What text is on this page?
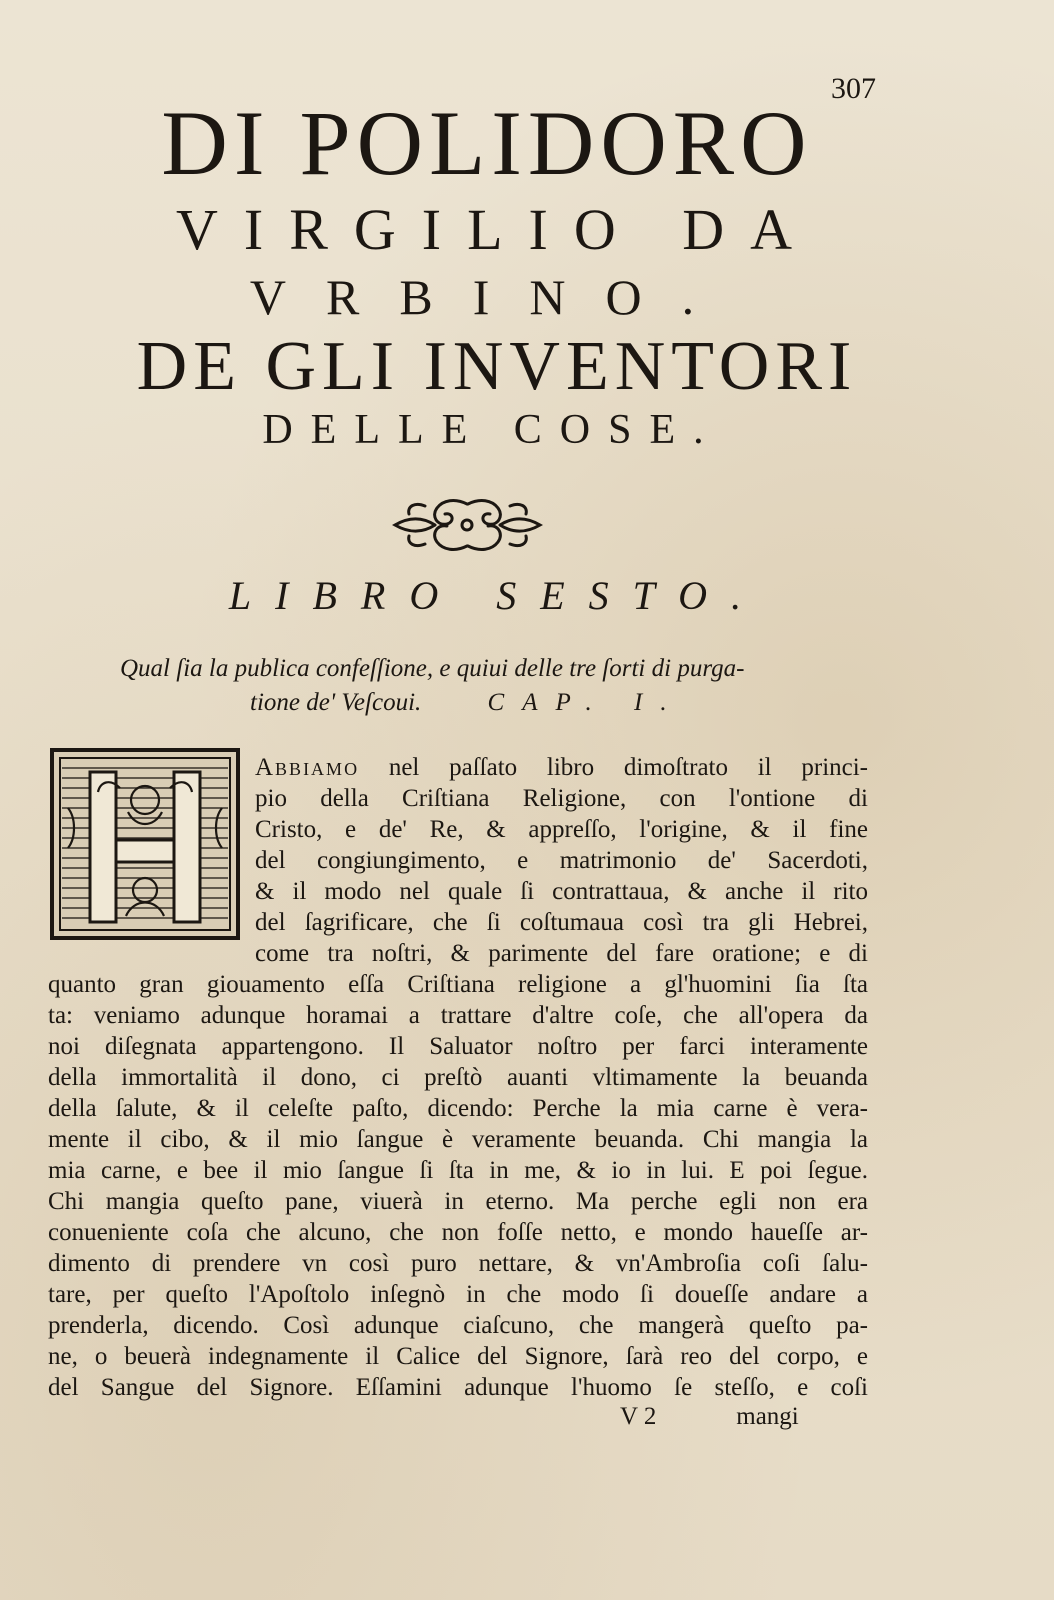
307
DI POLIDORO
VIRGILIO DA
VRBINO.
DE GLI INVENTORI
DELLE COSE.
LIBRO SESTO.
Qual ſia la publica confeſſione, e quiui delle tre ſorti di purga-
tione de' Veſcoui.	CAP. I.
Abbiamo nel paſſato libro dimoſtrato il princi-
pio della Criſtiana Religione, con l'ontione di
Cristo, e de' Re, & appreſſo, l'origine, & il fine
del congiungimento, e matrimonio de' Sacerdoti,
& il modo nel quale ſi contrattaua, & anche il rito
del ſagrificare, che ſi coſtumaua così tra gli Hebrei,
come tra noſtri, & parimente del fare oratione; e di
quanto gran giouamento eſſa Criſtiana religione a gl'huomini ſia ſta
ta: veniamo adunque horamai a trattare d'altre coſe, che all'opera da
noi diſegnata appartengono. Il Saluator noſtro per farci interamente
della immortalità il dono, ci preſtò auanti vltimamente la beuanda
della ſalute, & il celeſte paſto, dicendo: Perche la mia carne è vera-
mente il cibo, & il mio ſangue è veramente beuanda. Chi mangia la
mia carne, e bee il mio ſangue ſi ſta in me, & io in lui. E poi ſegue.
Chi mangia queſto pane, viuerà in eterno. Ma perche egli non era
conueniente coſa che alcuno, che non foſſe netto, e mondo haueſſe ar-
dimento di prendere vn così puro nettare, & vn'Ambroſia coſi ſalu-
tare, per queſto l'Apoſtolo inſegnò in che modo ſi doueſſe andare a
prenderla, dicendo. Così adunque ciaſcuno, che mangerà queſto pa-
ne, o beuerà indegnamente il Calice del Signore, ſarà reo del corpo, e
del Sangue del Signore. Eſſamini adunque l'huomo ſe steſſo, e coſi
V 2	mangi
